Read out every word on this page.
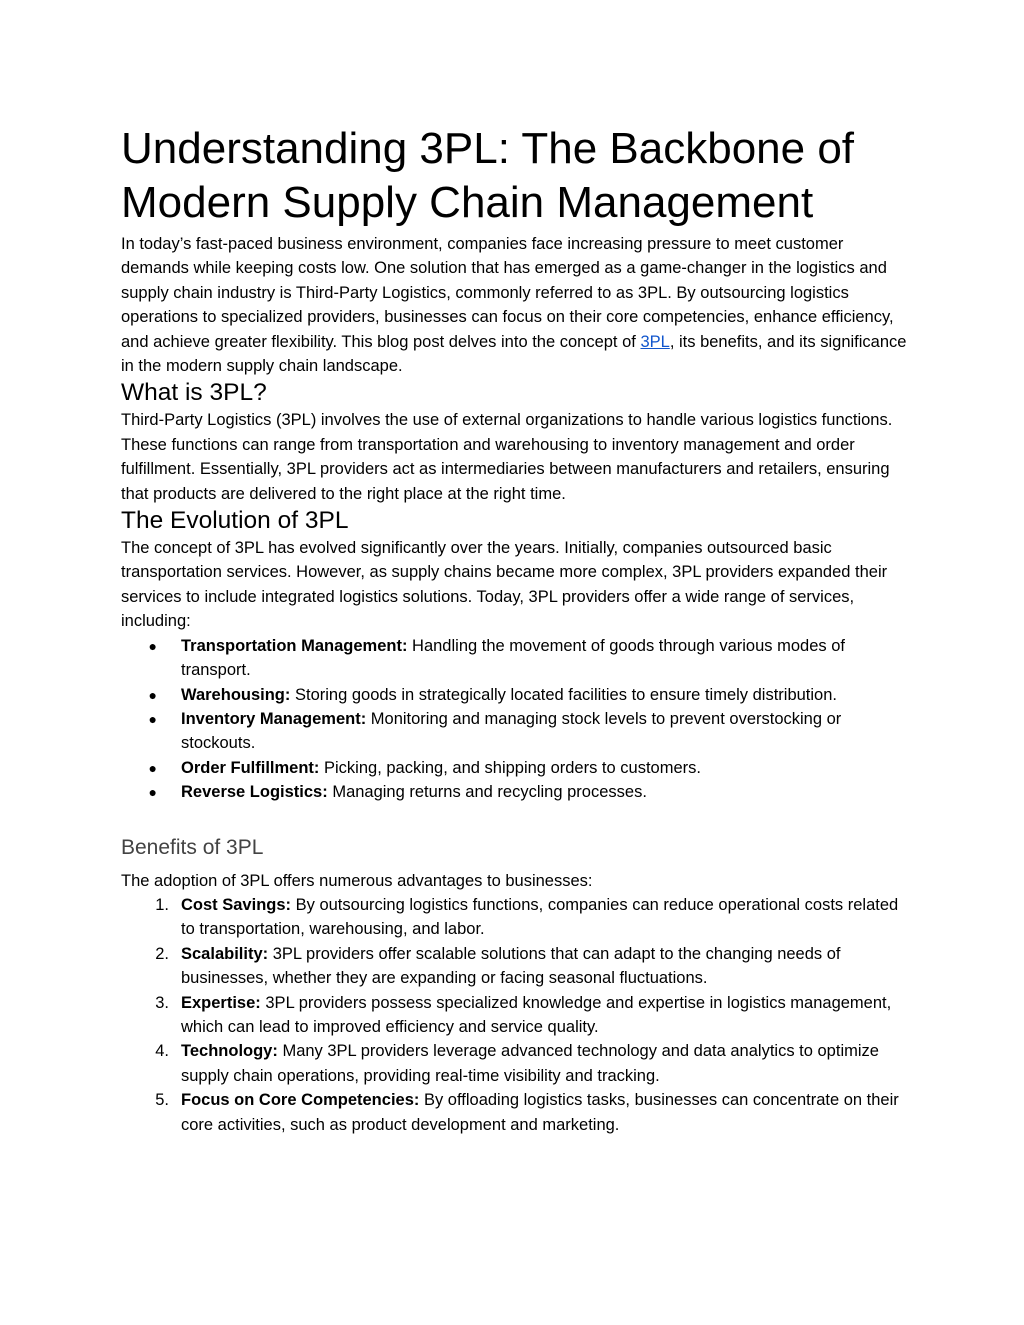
Understanding 3PL: The Backbone of Modern Supply Chain Management

In today’s fast-paced business environment, companies face increasing pressure to meet customer demands while keeping costs low. One solution that has emerged as a game-changer in the logistics and supply chain industry is Third-Party Logistics, commonly referred to as 3PL. By outsourcing logistics operations to specialized providers, businesses can focus on their core competencies, enhance efficiency, and achieve greater flexibility. This blog post delves into the concept of 3PL, its benefits, and its significance in the modern supply chain landscape.

What is 3PL?

Third-Party Logistics (3PL) involves the use of external organizations to handle various logistics functions. These functions can range from transportation and warehousing to inventory management and order fulfillment. Essentially, 3PL providers act as intermediaries between manufacturers and retailers, ensuring that products are delivered to the right place at the right time.

The Evolution of 3PL

The concept of 3PL has evolved significantly over the years. Initially, companies outsourced basic transportation services. However, as supply chains became more complex, 3PL providers expanded their services to include integrated logistics solutions. Today, 3PL providers offer a wide range of services, including:

● Transportation Management: Handling the movement of goods through various modes of transport.
● Warehousing: Storing goods in strategically located facilities to ensure timely distribution.
● Inventory Management: Monitoring and managing stock levels to prevent overstocking or stockouts.
● Order Fulfillment: Picking, packing, and shipping orders to customers.
● Reverse Logistics: Managing returns and recycling processes.
Benefits of 3PL

The adoption of 3PL offers numerous advantages to businesses:

1. Cost Savings: By outsourcing logistics functions, companies can reduce operational costs related to transportation, warehousing, and labor.
2. Scalability: 3PL providers offer scalable solutions that can adapt to the changing needs of businesses, whether they are expanding or facing seasonal fluctuations.
3. Expertise: 3PL providers possess specialized knowledge and expertise in logistics management, which can lead to improved efficiency and service quality.
4. Technology: Many 3PL providers leverage advanced technology and data analytics to optimize supply chain operations, providing real-time visibility and tracking.
5. Focus on Core Competencies: By offloading logistics tasks, businesses can concentrate on their core activities, such as product development and marketing.
